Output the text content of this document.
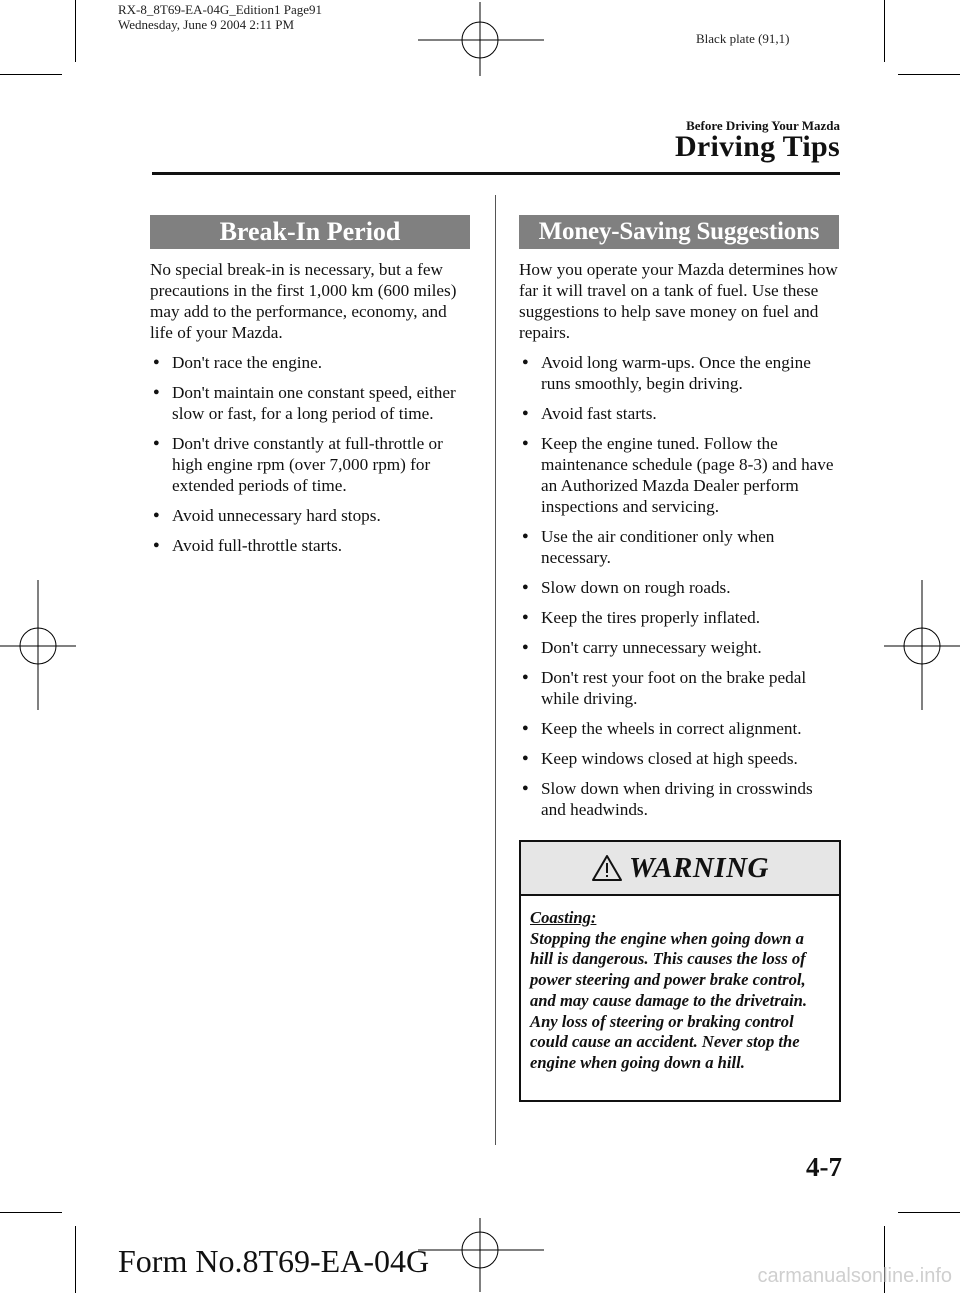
RX-8_8T69-EA-04G_Edition1 Page91
Wednesday, June 9 2004 2:11 PM
Black plate (91,1)
Before Driving Your Mazda
Driving Tips
Break-In Period

No special break-in is necessary, but a few precautions in the first 1,000 km (600 miles) may add to the performance, economy, and life of your Mazda.

● Don't race the engine.
● Don't maintain one constant speed, either slow or fast, for a long period of time.
● Don't drive constantly at full-throttle or high engine rpm (over 7,000 rpm) for extended periods of time.
● Avoid unnecessary hard stops.
● Avoid full-throttle starts.
Money-Saving Suggestions

How you operate your Mazda determines how far it will travel on a tank of fuel. Use these suggestions to help save money on fuel and repairs.

● Avoid long warm-ups. Once the engine runs smoothly, begin driving.
● Avoid fast starts.
● Keep the engine tuned. Follow the maintenance schedule (page 8-3) and have an Authorized Mazda Dealer perform inspections and servicing.
● Use the air conditioner only when necessary.
● Slow down on rough roads.
● Keep the tires properly inflated.
● Don't carry unnecessary weight.
● Don't rest your foot on the brake pedal while driving.
● Keep the wheels in correct alignment.
● Keep windows closed at high speeds.
● Slow down when driving in crosswinds and headwinds.
WARNING
Coasting:
Stopping the engine when going down a hill is dangerous. This causes the loss of power steering and power brake control, and may cause damage to the drivetrain. Any loss of steering or braking control could cause an accident. Never stop the engine when going down a hill.
4-7
Form No.8T69-EA-04G	carmanualsonline.info
